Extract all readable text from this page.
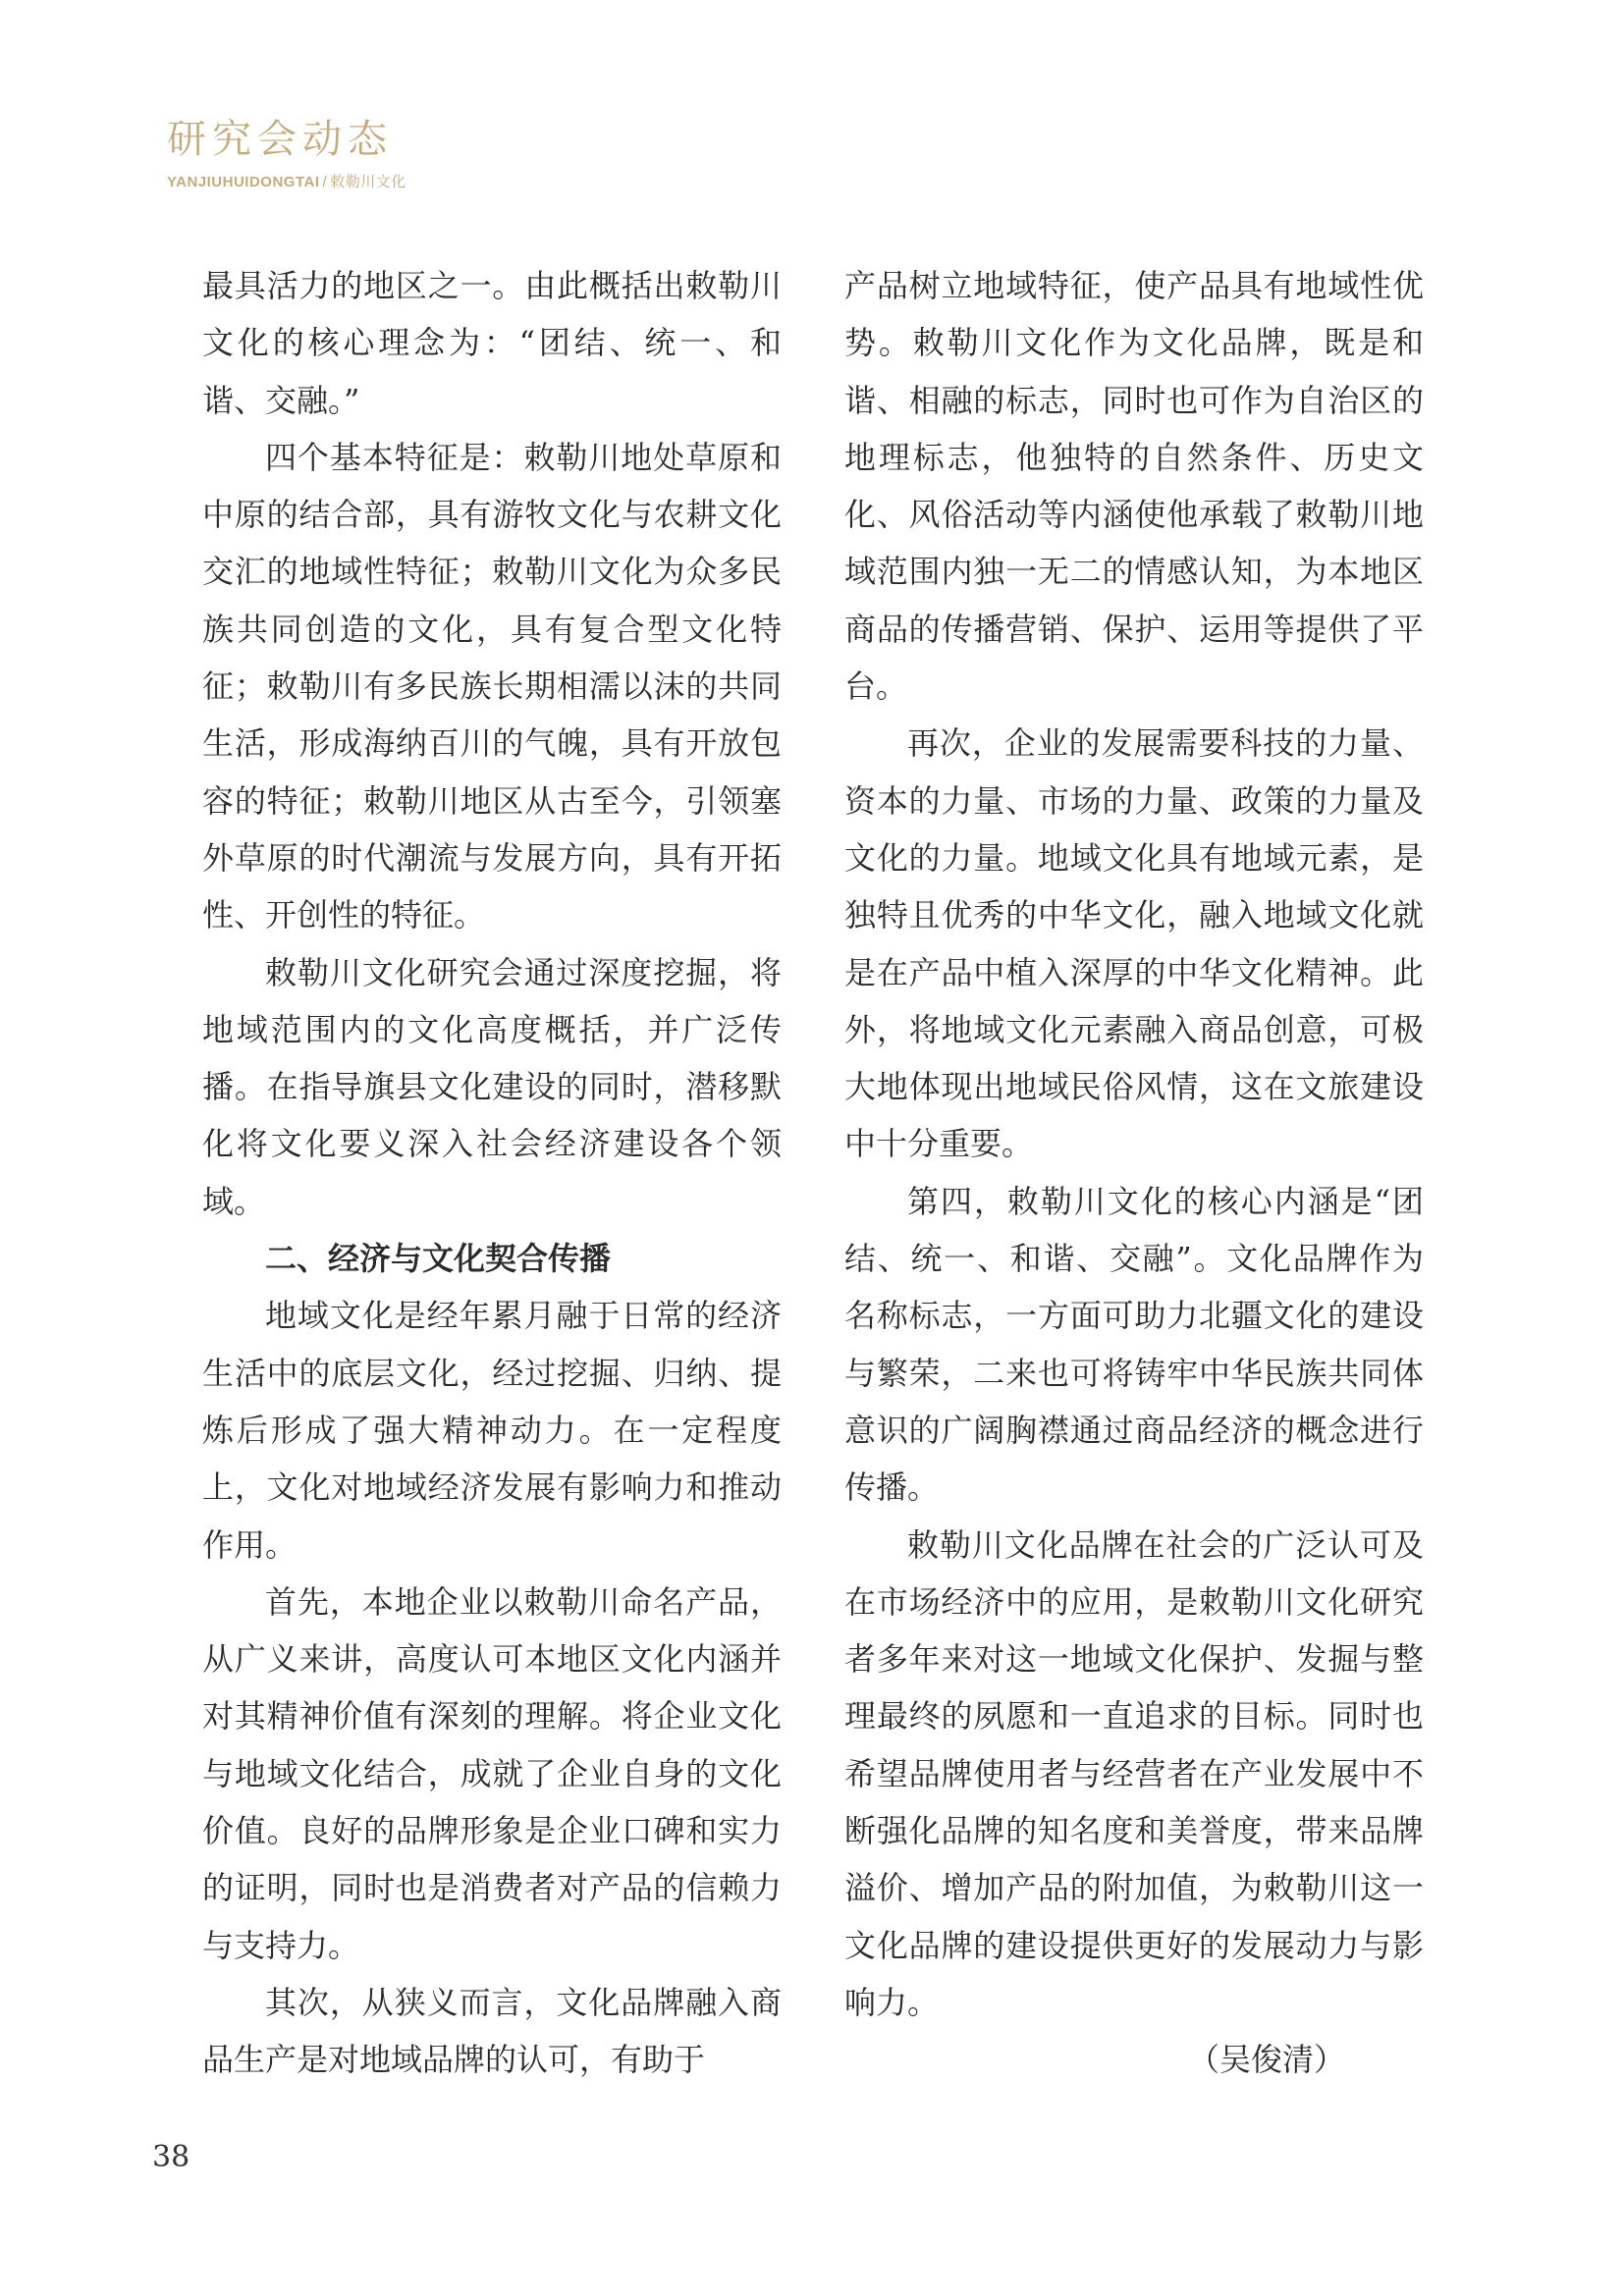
研究会动态
YANJIUHUIDONGTAI / 敕勒川文化

最具活力的地区之一。由此概括出敕勒川文化的核心理念为：“团结、统一、和谐、交融。”

四个基本特征是：敕勒川地处草原和中原的结合部，具有游牧文化与农耕文化交汇的地域性特征；敕勒川文化为众多民族共同创造的文化，具有复合型文化特征；敕勒川有多民族长期相濡以沫的共同生活，形成海纳百川的气魄，具有开放包容的特征；敕勒川地区从古至今，引领塞外草原的时代潮流与发展方向，具有开拓性、开创性的特征。

敕勒川文化研究会通过深度挖掘，将地域范围内的文化高度概括，并广泛传播。在指导旗县文化建设的同时，潜移默化将文化要义深入社会经济建设各个领域。

二、经济与文化契合传播

地域文化是经年累月融于日常的经济生活中的底层文化，经过挖掘、归纳、提炼后形成了强大精神动力。在一定程度上，文化对地域经济发展有影响力和推动作用。

首先，本地企业以敕勒川命名产品，从广义来讲，高度认可本地区文化内涵并对其精神价值有深刻的理解。将企业文化与地域文化结合，成就了企业自身的文化价值。良好的品牌形象是企业口碑和实力的证明，同时也是消费者对产品的信赖力与支持力。

其次，从狭义而言，文化品牌融入商品生产是对地域品牌的认可，有助于

产品树立地域特征，使产品具有地域性优势。敕勒川文化作为文化品牌，既是和谐、相融的标志，同时也可作为自治区的地理标志，他独特的自然条件、历史文化、风俗活动等内涵使他承载了敕勒川地域范围内独一无二的情感认知，为本地区商品的传播营销、保护、运用等提供了平台。

再次，企业的发展需要科技的力量、资本的力量、市场的力量、政策的力量及文化的力量。地域文化具有地域元素，是独特且优秀的中华文化，融入地域文化就是在产品中植入深厚的中华文化精神。此外，将地域文化元素融入商品创意，可极大地体现出地域民俗风情，这在文旅建设中十分重要。

第四，敕勒川文化的核心内涵是“团结、统一、和谐、交融”。文化品牌作为名称标志，一方面可助力北疆文化的建设与繁荣，二来也可将铸牢中华民族共同体意识的广阔胸襟通过商品经济的概念进行传播。

敕勒川文化品牌在社会的广泛认可及在市场经济中的应用，是敕勒川文化研究者多年来对这一地域文化保护、发掘与整理最终的夙愿和一直追求的目标。同时也希望品牌使用者与经营者在产业发展中不断强化品牌的知名度和美誉度，带来品牌溢价、增加产品的附加值，为敕勒川这一文化品牌的建设提供更好的发展动力与影响力。

（吴俊清）

38
